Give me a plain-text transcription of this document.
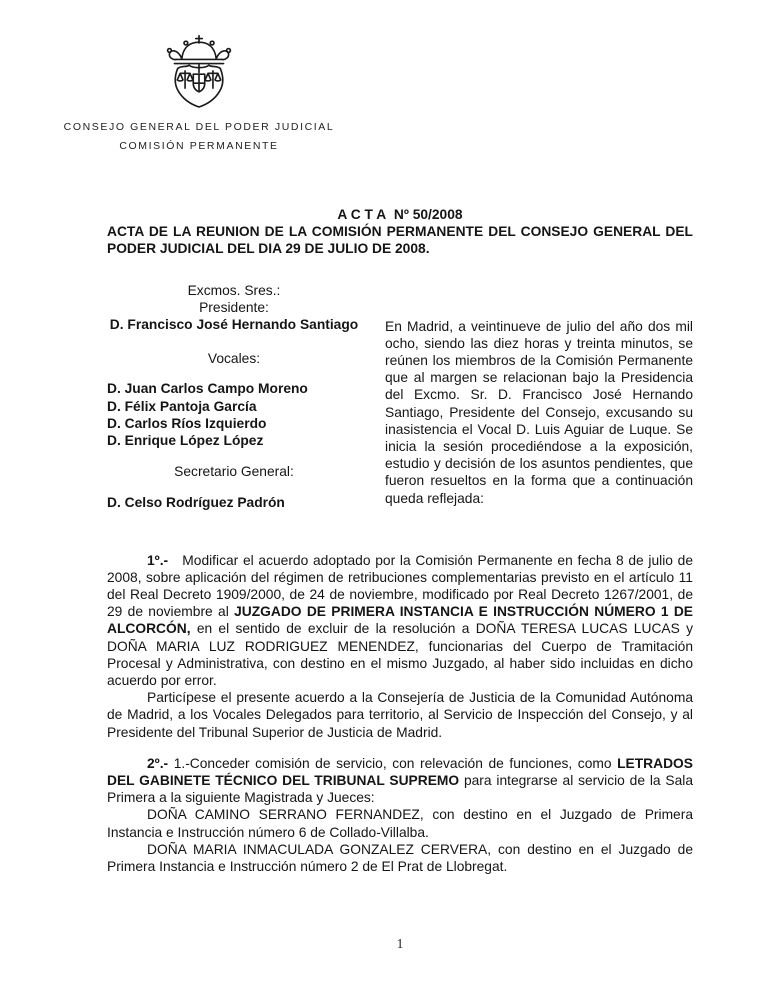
CONSEJO GENERAL DEL PODER JUDICIAL
COMISIÓN PERMANENTE
A C T A  Nº 50/2008
ACTA DE LA REUNION DE LA COMISIÓN PERMANENTE DEL CONSEJO GENERAL DEL PODER JUDICIAL DEL DIA 29 DE JULIO DE 2008.
Excmos. Sres.:
Presidente:
D. Francisco José Hernando Santiago
Vocales:
D. Juan Carlos Campo Moreno
D. Félix Pantoja García
D. Carlos Ríos Izquierdo
D. Enrique López López
Secretario General:
D. Celso Rodríguez Padrón
En Madrid, a veintinueve de julio del año dos mil ocho, siendo las diez horas y treinta minutos, se reúnen los miembros de la Comisión Permanente que al margen se relacionan bajo la Presidencia del Excmo. Sr. D. Francisco José Hernando Santiago, Presidente del Consejo, excusando su inasistencia el Vocal D. Luis Aguiar de Luque. Se inicia la sesión procediéndose a la exposición, estudio y decisión de los asuntos pendientes, que fueron resueltos en la forma que a continuación queda reflejada:

1º.-   Modificar el acuerdo adoptado por la Comisión Permanente en fecha 8 de julio de 2008, sobre aplicación del régimen de retribuciones complementarias previsto en el artículo 11 del Real Decreto 1909/2000, de 24 de noviembre, modificado por Real Decreto 1267/2001, de 29 de noviembre al JUZGADO DE PRIMERA INSTANCIA E INSTRUCCIÓN NÚMERO 1 DE ALCORCÓN, en el sentido de excluir de la resolución a DOÑA TERESA LUCAS LUCAS y DOÑA MARIA LUZ RODRIGUEZ MENENDEZ, funcionarias del Cuerpo de Tramitación Procesal y Administrativa, con destino en el mismo Juzgado, al haber sido incluidas en dicho acuerdo por error.

Particípese el presente acuerdo a la Consejería de Justicia de la Comunidad Autónoma de Madrid, a los Vocales Delegados para territorio, al Servicio de Inspección del Consejo, y al Presidente del Tribunal Superior de Justicia de Madrid.

2º.- 1.-Conceder comisión de servicio, con relevación de funciones, como LETRADOS DEL GABINETE TÉCNICO DEL TRIBUNAL SUPREMO para integrarse al servicio de la Sala Primera a la siguiente Magistrada y Jueces:

DOÑA CAMINO SERRANO FERNANDEZ, con destino en el Juzgado de Primera Instancia e Instrucción número 6 de Collado-Villalba.

DOÑA MARIA INMACULADA GONZALEZ CERVERA, con destino en el Juzgado de Primera Instancia e Instrucción número 2 de El Prat de Llobregat.

1
